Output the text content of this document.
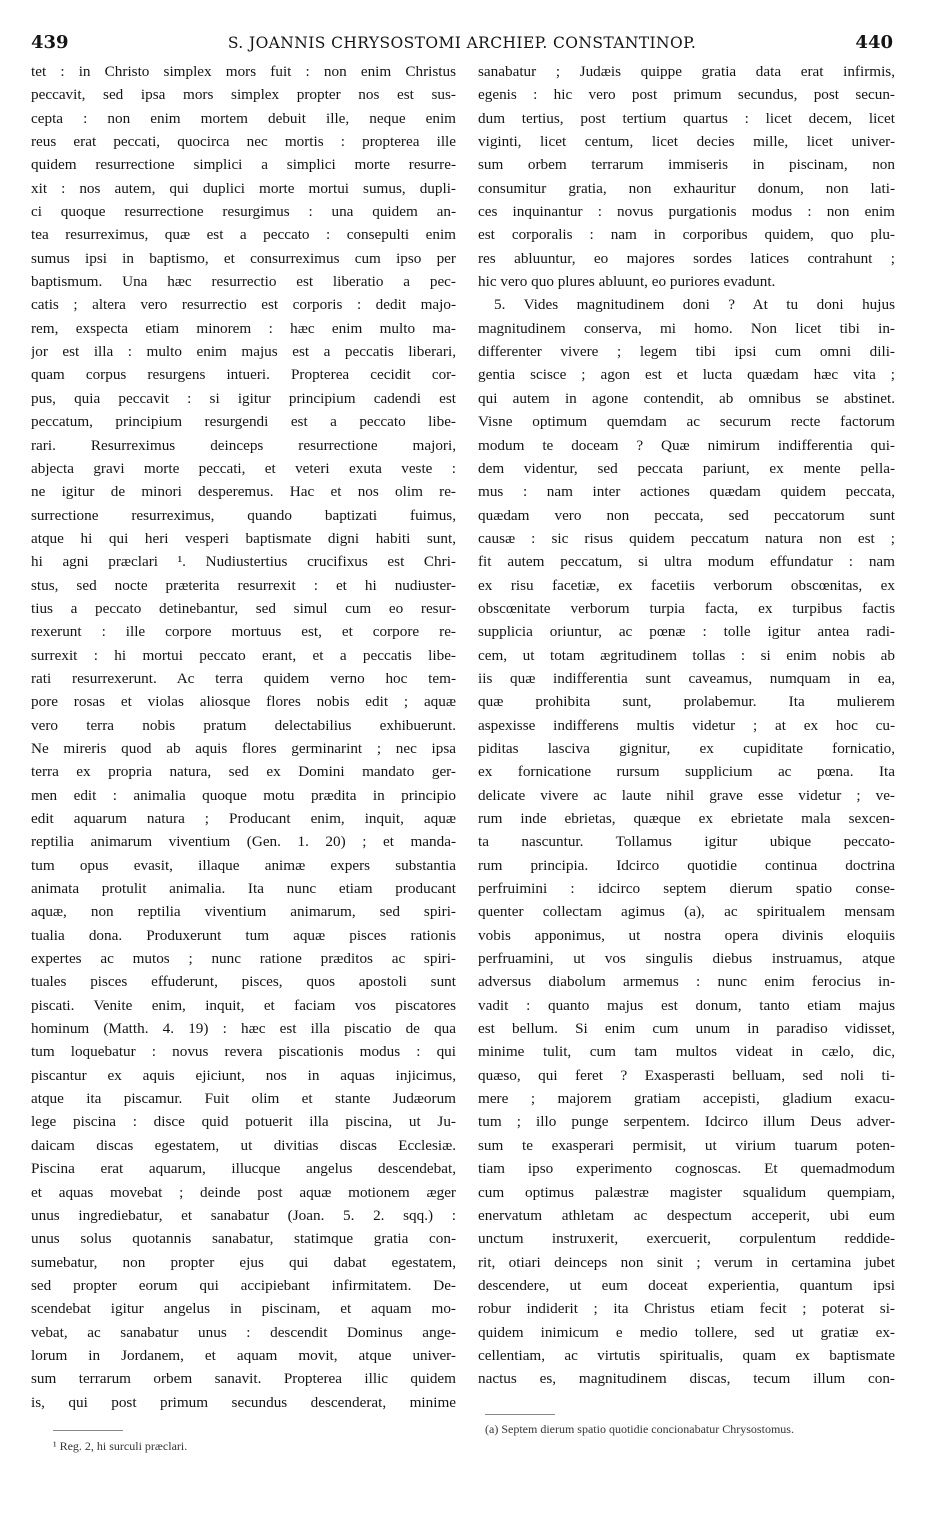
439	S. JOANNIS CHRYSOSTOMI ARCHIEP. CONSTANTINOP.	440
tet : in Christo simplex mors fuit : non enim Christus
peccavit, sed ipsa mors simplex propter nos est sus-
cepta : non enim mortem debuit ille, neque enim
reus erat peccati, quocirca nec mortis : propterea ille
quidem resurrectione simplici a simplici morte resurre-
xit : nos autem, qui duplici morte mortui sumus, dupli-
ci quoque resurrectione resurgimus : una quidem an-
tea resurreximus, quæ est a peccato : consepulti enim
sumus ipsi in baptismo, et consurreximus cum ipso per
baptismum. Una hæc resurrectio est liberatio a pec-
catis ; altera vero resurrectio est corporis : dedit majo-
rem, exspecta etiam minorem : hæc enim multo ma-
jor est illa : multo enim majus est a peccatis liberari,
quam corpus resurgens intueri. Propterea cecidit cor-
pus, quia peccavit : si igitur principium cadendi est
peccatum, principium resurgendi est a peccato libe-
rari. Resurreximus deinceps resurrectione majori,
abjecta gravi morte peccati, et veteri exuta veste :
ne igitur de minori desperemus. Hac et nos olim re-
surrectione resurreximus, quando baptizati fuimus,
atque hi qui heri vesperi baptismate digni habiti sunt,
hi agni præclari ¹. Nudiustertius crucifixus est Chri-
stus, sed nocte præterita resurrexit : et hi nudiuster-
tius a peccato detinebantur, sed simul cum eo resur-
rexerunt : ille corpore mortuus est, et corpore re-
surrexit : hi mortui peccato erant, et a peccatis libe-
rati resurrexerunt. Ac terra quidem verno hoc tem-
pore rosas et violas aliosque flores nobis edit ; aquæ
vero terra nobis pratum delectabilius exhibuerunt.
Ne mireris quod ab aquis flores germinarint ; nec ipsa
terra ex propria natura, sed ex Domini mandato ger-
men edit : animalia quoque motu prædita in principio
edit aquarum natura ; Producant enim, inquit, aquæ
reptilia animarum viventium (Gen. 1. 20) ; et manda-
tum opus evasit, illaque animæ expers substantia
animata protulit animalia. Ita nunc etiam producant
aquæ, non reptilia viventium animarum, sed spiri-
tualia dona. Produxerunt tum aquæ pisces rationis
expertes ac mutos ; nunc ratione præditos ac spiri-
tuales pisces effuderunt, pisces, quos apostoli sunt
piscati. Venite enim, inquit, et faciam vos piscatores
hominum (Matth. 4. 19) : hæc est illa piscatio de qua
tum loquebatur : novus revera piscationis modus : qui
piscantur ex aquis ejiciunt, nos in aquas injicimus,
atque ita piscamur. Fuit olim et stante Judæorum
lege piscina : disce quid potuerit illa piscina, ut Ju-
daicam discas egestatem, ut divitias discas Ecclesiæ.
Piscina erat aquarum, illucque angelus descendebat,
et aquas movebat ; deinde post aquæ motionem æger
unus ingrediebatur, et sanabatur (Joan. 5. 2. sqq.) :
unus solus quotannis sanabatur, statimque gratia con-
sumebatur, non propter ejus qui dabat egestatem,
sed propter eorum qui accipiebant infirmitatem. De-
scendebat igitur angelus in piscinam, et aquam mo-
vebat, ac sanabatur unus : descendit Dominus ange-
lorum in Jordanem, et aquam movit, atque univer-
sum terrarum orbem sanavit. Propterea illic quidem
is, qui post primum secundus descenderat, minime
sanabatur ; Judæis quippe gratia data erat infirmis,
egenis : hic vero post primum secundus, post secun-
dum tertius, post tertium quartus : licet decem, licet
viginti, licet centum, licet decies mille, licet univer-
sum orbem terrarum immiseris in piscinam, non
consumitur gratia, non exhauritur donum, non lati-
ces inquinantur : novus purgationis modus : non enim
est corporalis : nam in corporibus quidem, quo plu-
res abluuntur, eo majores sordes latices contrahunt ;
hic vero quo plures abluunt, eo puriores evadunt.
5. Vides magnitudinem doni ? At tu doni hujus
magnitudinem conserva, mi homo. Non licet tibi in-
differenter vivere ; legem tibi ipsi cum omni dili-
gentia scisce ; agon est et lucta quædam hæc vita ;
qui autem in agone contendit, ab omnibus se abstinet.
Visne optimum quemdam ac securum recte factorum
modum te doceam ? Quæ nimirum indifferentia qui-
dem videntur, sed peccata pariunt, ex mente pella-
mus : nam inter actiones quædam quidem peccata,
quædam vero non peccata, sed peccatorum sunt
causæ : sic risus quidem peccatum natura non est ;
fit autem peccatum, si ultra modum effundatur : nam
ex risu facetiæ, ex facetiis verborum obscœnitas, ex
obscœnitate verborum turpia facta, ex turpibus factis
supplicia oriuntur, ac pœnæ : tolle igitur antea radi-
cem, ut totam ægritudinem tollas : si enim nobis ab
iis quæ indifferentia sunt caveamus, numquam in ea,
quæ prohibita sunt, prolabemur. Ita mulierem
aspexisse indifferens multis videtur ; at ex hoc cu-
piditas lasciva gignitur, ex cupiditate fornicatio,
ex fornicatione rursum supplicium ac pœna. Ita
delicate vivere ac laute nihil grave esse videtur ; ve-
rum inde ebrietas, quæque ex ebrietate mala sexcen-
ta nascuntur. Tollamus igitur ubique peccato-
rum principia. Idcirco quotidie continua doctrina
perfruimini : idcirco septem dierum spatio conse-
quenter collectam agimus (a), ac spiritualem mensam
vobis apponimus, ut nostra opera divinis eloquiis
perfruamini, ut vos singulis diebus instruamus, atque
adversus diabolum armemus : nunc enim ferocius in-
vadit : quanto majus est donum, tanto etiam majus
est bellum. Si enim cum unum in paradiso vidisset,
minime tulit, cum tam multos videat in cælo, dic,
quæso, qui feret ? Exasperasti belluam, sed noli ti-
mere ; majorem gratiam accepisti, gladium exacu-
tum ; illo punge serpentem. Idcirco illum Deus adver-
sum te exasperari permisit, ut virium tuarum poten-
tiam ipso experimento cognoscas. Et quemadmodum
cum optimus palæstræ magister squalidum quempiam,
enervatum athletam ac despectum acceperit, ubi eum
unctum instruxerit, exercuerit, corpulentum reddide-
rit, otiari deinceps non sinit ; verum in certamina jubet
descendere, ut eum doceat experientia, quantum ipsi
robur indiderit ; ita Christus etiam fecit ; poterat si-
quidem inimicum e medio tollere, sed ut gratiæ ex-
cellentiam, ac virtutis spiritualis, quam ex baptismate
nactus es, magnitudinem discas, tecum illum con-
¹ Reg. 2, hi surculi præclari.
(a) Septem dierum spatio quotidie concionabatur Chrysostomus.
